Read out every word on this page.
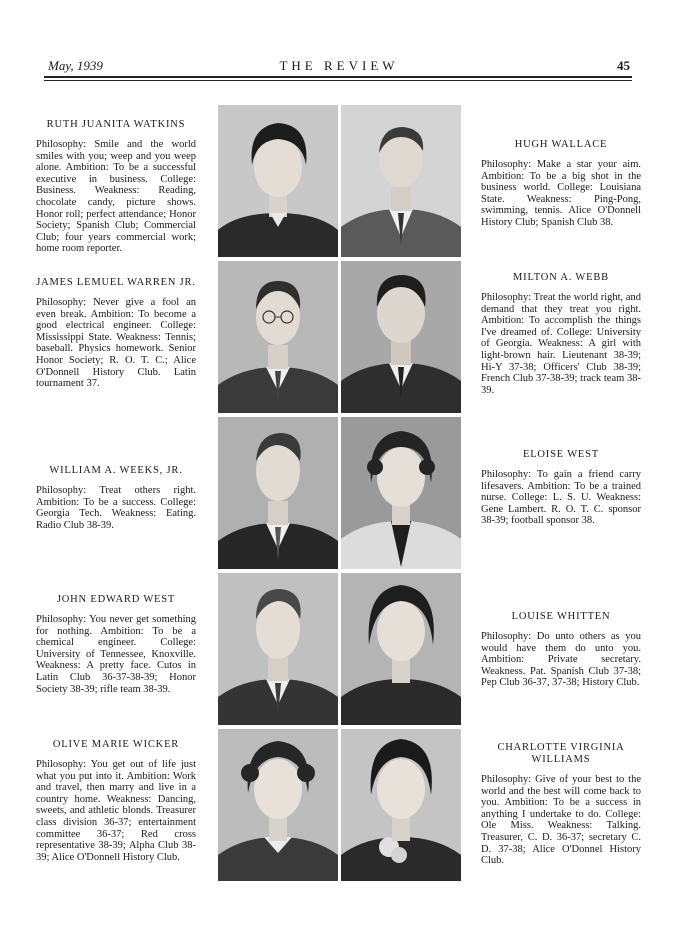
May, 1939	THE REVIEW	45
RUTH JUANITA WATKINS
Philosophy: Smile and the world smiles with you; weep and you weep alone. Ambition: To be a successful executive in business. College: Business. Weakness: Reading, chocolate candy, picture shows. Honor roll; perfect attendance; Honor Society; Spanish Club; Commercial Club; four years commercial work; home room reporter.
HUGH WALLACE
Philosophy: Make a star your aim. Ambition: To be a big shot in the business world. College: Louisiana State. Weakness: Ping-Pong, swimming, tennis. Alice O'Donnell History Club; Spanish Club 38.
JAMES LEMUEL WARREN JR.
Philosophy: Never give a fool an even break. Ambition: To become a good electrical engineer. College: Mississippi State. Weakness: Tennis; baseball. Physics homework. Senior Honor Society; R. O. T. C.; Alice O'Donnell History Club. Latin tournament 37.
MILTON A. WEBB
Philosophy: Treat the world right, and demand that they treat you right. Ambition: To accomplish the things I've dreamed of. College: University of Georgia. Weakness: A girl with light-brown hair. Lieutenant 38-39; Hi-Y 37-38; Officers' Club 38-39; French Club 37-38-39; track team 38-39.
WILLIAM A. WEEKS, JR.
Philosophy: Treat others right. Ambition: To be a success. College: Georgia Tech. Weakness: Eating. Radio Club 38-39.
ELOISE WEST
Philosophy: To gain a friend carry lifesavers. Ambition: To be a trained nurse. College: L. S. U. Weakness: Gene Lambert. R. O. T. C. sponsor 38-39; football sponsor 38.
JOHN EDWARD WEST
Philosophy: You never get something for nothing. Ambition: To be a chemical engineer. College: University of Tennessee, Knoxville. Weakness: A pretty face. Cutos in Latin Club 36-37-38-39; Honor Society 38-39; rifle team 38-39.
LOUISE WHITTEN
Philosophy: Do unto others as you would have them do unto you. Ambition: Private secretary. Weakness. Pat. Spanish Club 37-38; Pep Club 36-37, 37-38; History Club.
OLIVE MARIE WICKER
Philosophy: You get out of life just what you put into it. Ambition: Work and travel, then marry and live in a country home. Weakness: Dancing, sweets, and athletic blonds. Treasurer class division 36-37; entertainment committee 36-37; Red cross representative 38-39; Alpha Club 38-39; Alice O'Donnell History Club.
CHARLOTTE VIRGINIA WILLIAMS
Philosophy: Give of your best to the world and the best will come back to you. Ambition: To be a success in anything I undertake to do. College: Ole Miss. Weakness: Talking. Treasurer, C. D. 36-37; secretary C. D. 37-38; Alice O'Donnel History Club.
